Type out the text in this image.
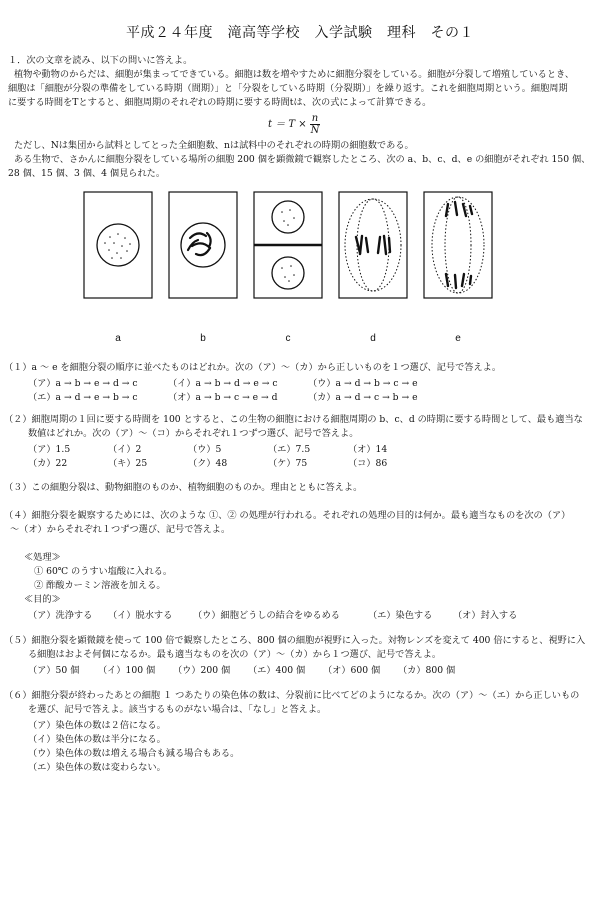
平成２４年度　滝高等学校　入学試験　理科　その１
１．次の文章を読み、以下の問いに答えよ。
植物や動物のからだは、細胞が集まってできている。細胞は数を増やすために細胞分裂をしている。細胞が分裂して増殖しているとき、
細胞は「細胞が分裂の準備をしている時期（間期）」と「分裂をしている時期（分裂期）」を繰り返す。これを細胞周期という。細胞周期
に要する時間をTとすると、細胞周期のそれぞれの時期に要する時間tは、次の式によって計算できる。
$t = T \times \frac{n}{N}$
ただし、Nは集団から試料としてとった全細胞数、nは試料中のそれぞれの時期の細胞数である。
ある生物で、さかんに細胞分裂をしている場所の細胞 200 個を顕微鏡で観察したところ、次の a、b、c、d、e の細胞がそれぞれ 150 個、
28 個、15 個、3 個、4 個見られた。
a	b	c	d	e
（１）a ～ e を細胞分裂の順序に並べたものはどれか。次の（ア）～（カ）から正しいものを１つ選び、記号で答えよ。
（ア）a → b → e → d → c	（イ）a → b → d → e → c	（ウ）a → d → b → c → e
（エ）a → d → e → b → c	（オ）a → b → c → e → d	（カ）a → d → c → b → e
（２）細胞周期の１回に要する時間を 100 とすると、この生物の細胞における細胞周期の b、c、d の時期に要する時間として、最も適当な
数値はどれか。次の（ア）～（コ）からそれぞれ１つずつ選び、記号で答えよ。
（ア）1.5	（イ）2	（ウ）5	（エ）7.5	（オ）14
（カ）22	（キ）25	（ク）48	（ケ）75	（コ）86
（３）この細胞分裂は、動物細胞のものか、植物細胞のものか。理由とともに答えよ。
（４）細胞分裂を観察するためには、次のような ①、② の処理が行われる。それぞれの処理の目的は何か。最も適当なものを次の（ア）
～（オ）からそれぞれ１つずつ選び、記号で答えよ。
≪処理≫
① 60℃ のうすい塩酸に入れる。
② 酢酸カーミン溶液を加える。
≪目的≫
（ア）洗浄する （イ）脱水する （ウ）細胞どうしの結合をゆるめる	（エ）染色する （オ）封入する
（５）細胞分裂を顕微鏡を使って 100 倍で観察したところ、800 個の細胞が視野に入った。対物レンズを変えて 400 倍にすると、視野に入
る細胞はおよそ何個になるか。最も適当なものを次の（ア）～（カ）から１つ選び、記号で答えよ。
（ア）50 個 （イ）100 個 （ウ）200 個 （エ）400 個 （オ）600 個 （カ）800 個
（６）細胞分裂が終わったあとの細胞 １ つあたりの染色体の数は、分裂前に比べてどのようになるか。次の（ア）～（エ）から正しいもの
を選び、記号で答えよ。該当するものがない場合は、「なし」と答えよ。
（ア）染色体の数は２倍になる。
（イ）染色体の数は半分になる。
（ウ）染色体の数は増える場合も減る場合もある。
（エ）染色体の数は変わらない。
